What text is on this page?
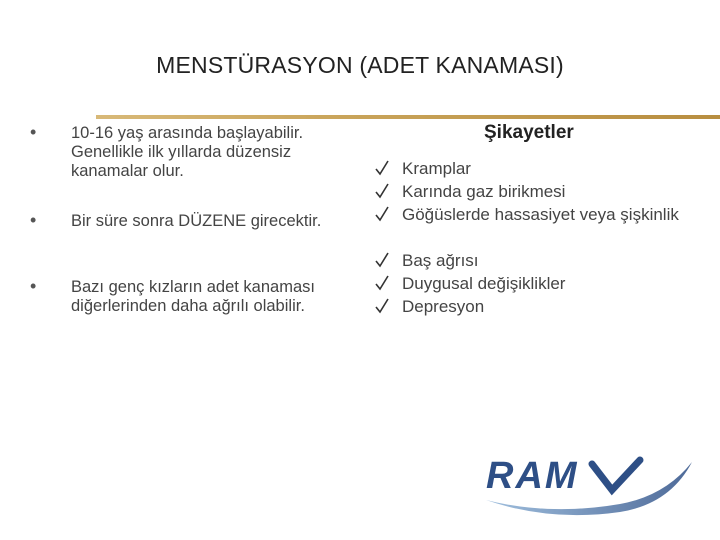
MENSTÜRASYON (ADET KANAMASI)
• 10-16 yaş arasında başlayabilir. Genellikle ilk yıllarda düzensiz kanamalar olur.
• Bir süre sonra DÜZENE girecektir.
• Bazı genç kızların adet kanaması diğerlerinden daha ağrılı olabilir.
Şikayetler
Kramplar
Karında gaz birikmesi
Göğüslerde hassasiyet veya şişkinlik
Baş ağrısı
Duygusal değişiklikler
Depresyon
RAM
ALANYA REHBERLİK VE ARAŞTIRMA MERKEZİ
